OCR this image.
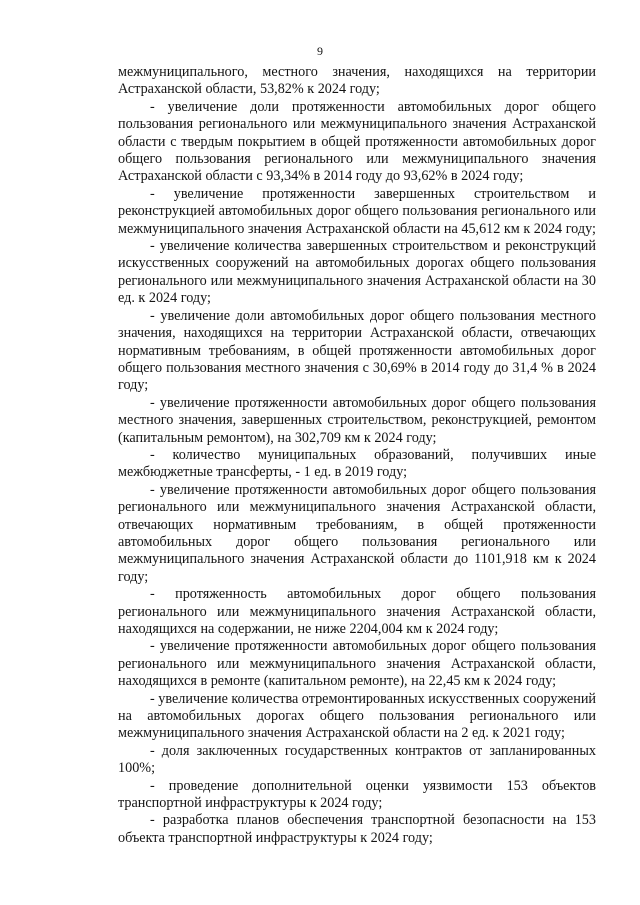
9

межмуниципального, местного значения, находящихся на территории Астраханской области, 53,82% к 2024 году;

- увеличение доли протяженности автомобильных дорог общего пользования регионального или межмуниципального значения Астраханской области с твердым покрытием в общей протяженности автомобильных дорог общего пользования регионального или межмуниципального значения Астраханской области с 93,34% в 2014 году до 93,62% в 2024 году;

- увеличение протяженности завершенных строительством и реконструкцией автомобильных дорог общего пользования регионального или межмуниципального значения Астраханской области на 45,612 км к 2024 году;

- увеличение количества завершенных строительством и реконструкций искусственных сооружений на автомобильных дорогах общего пользования регионального или межмуниципального значения Астраханской области на 30 ед. к 2024 году;

- увеличение доли автомобильных дорог общего пользования местного значения, находящихся на территории Астраханской области, отвечающих нормативным требованиям, в общей протяженности автомобильных дорог общего пользования местного значения с 30,69% в 2014 году до 31,4 % в 2024 году;

- увеличение протяженности автомобильных дорог общего пользования местного значения, завершенных строительством, реконструкцией, ремонтом (капитальным ремонтом), на 302,709 км к 2024 году;

- количество муниципальных образований, получивших иные межбюджетные трансферты, - 1 ед. в 2019 году;

- увеличение протяженности автомобильных дорог общего пользования регионального или межмуниципального значения Астраханской области, отвечающих нормативным требованиям, в общей протяженности автомобильных дорог общего пользования регионального или межмуниципального значения Астраханской области до 1101,918 км к 2024 году;

- протяженность автомобильных дорог общего пользования регионального или межмуниципального значения Астраханской области, находящихся на содержании, не ниже 2204,004 км к 2024 году;

- увеличение протяженности автомобильных дорог общего пользования регионального или межмуниципального значения Астраханской области, находящихся в ремонте (капитальном ремонте), на 22,45 км к 2024 году;

- увеличение количества отремонтированных искусственных сооружений на автомобильных дорогах общего пользования регионального или межмуниципального значения Астраханской области на 2 ед. к 2021 году;

- доля заключенных государственных контрактов от запланированных 100%;

- проведение дополнительной оценки уязвимости 153 объектов транспортной инфраструктуры к 2024 году;

- разработка планов обеспечения транспортной безопасности на 153 объекта транспортной инфраструктуры к 2024 году;
